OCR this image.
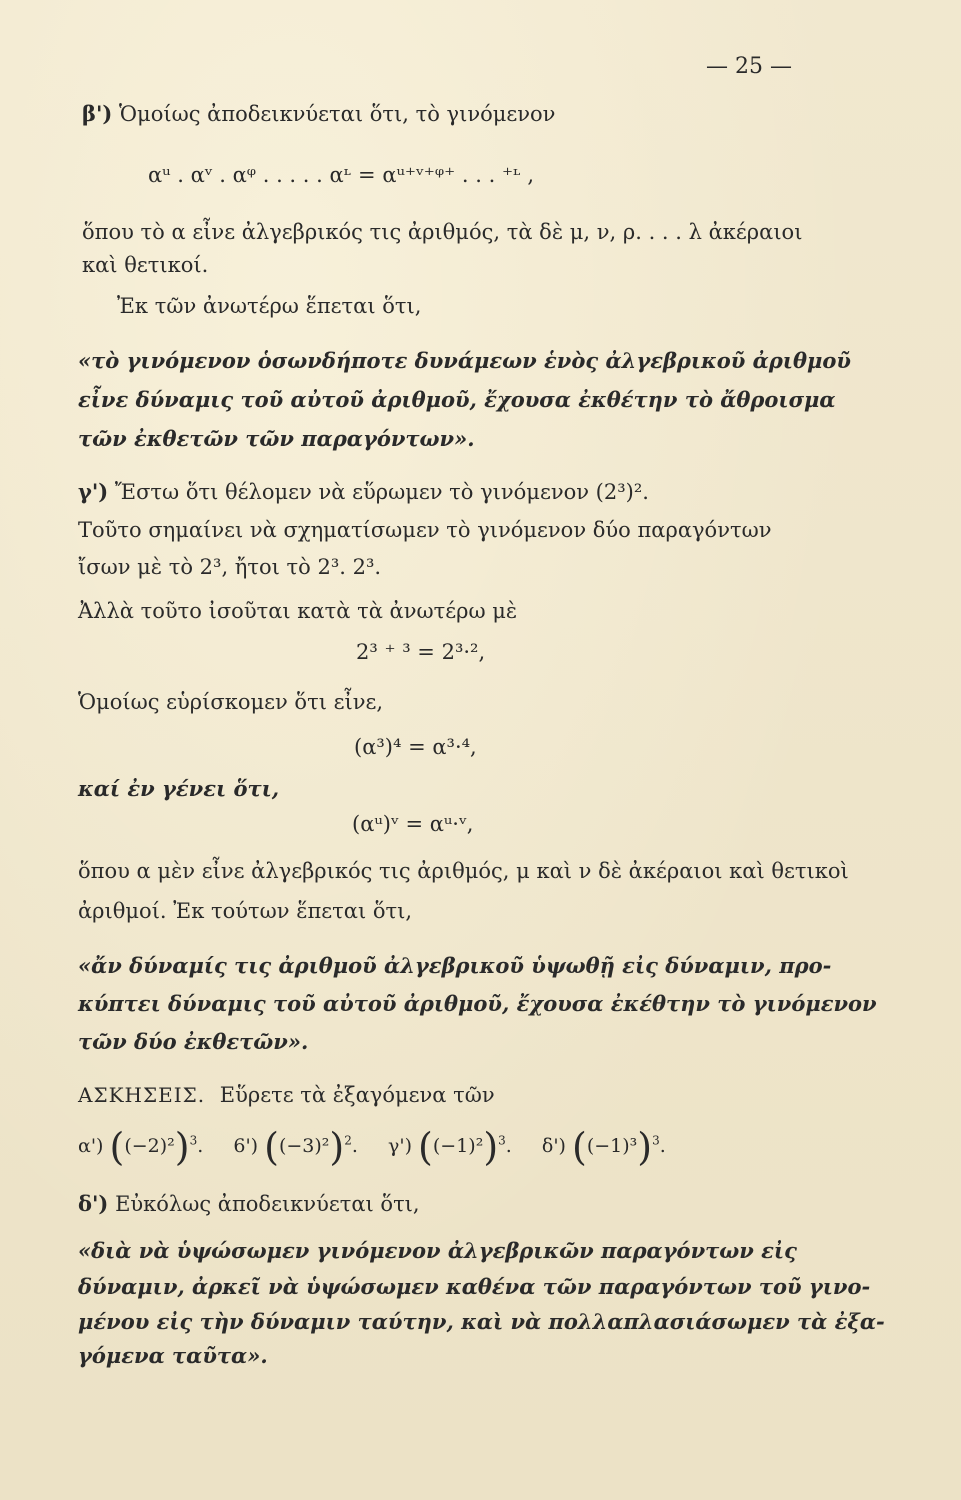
— 25 —
β') Ὁμοίως ἀποδεικνύεται ὅτι, τὸ γινόμενον
αᵘ . αᵛ . αᵠ . . . . . αᶫ = αᵘ⁺ᵛ⁺ᵠ⁺ . . . ⁺ᶫ ,
ὅπου τὸ α εἶνε ἀλγεβρικός τις ἀριθμός, τὰ δὲ μ, ν, ρ. . . . λ ἀκέραιοι
καὶ θετικοί.
Ἐκ τῶν ἀνωτέρω ἕπεται ὅτι,
«τὸ γινόμενον ὁσωνδήποτε δυνάμεων ἑνὸς ἀλγεβρικοῦ ἀριθμοῦ
εἶνε δύναμις τοῦ αὐτοῦ ἀριθμοῦ, ἔχουσα ἐκθέτην τὸ ἄθροισμα
τῶν ἐκθετῶν τῶν παραγόντων».
γ') Ἔστω ὅτι θέλομεν νὰ εὕρωμεν τὸ γινόμενον (2³)².
Τοῦτο σημαίνει νὰ σχηματίσωμεν τὸ γινόμενον δύο παραγόντων
ἴσων μὲ τὸ 2³, ἤτοι τὸ 2³. 2³.
Ἀλλὰ τοῦτο ἰσοῦται κατὰ τὰ ἀνωτέρω μὲ
2³ ⁺ ³ = 2³·²,
Ὁμοίως εὑρίσκομεν ὅτι εἶνε,
(α³)⁴ = α³·⁴,
καί ἐν γένει ὅτι,
(αᵘ)ᵛ = αᵘ·ᵛ,
ὅπου α μὲν εἶνε ἀλγεβρικός τις ἀριθμός, μ καὶ ν δὲ ἀκέραιοι καὶ θετικοὶ
ἀριθμοί. Ἐκ τούτων ἕπεται ὅτι,
«ἄν δύναμίς τις ἀριθμοῦ ἀλγεβρικοῦ ὑψωθῇ εἰς δύναμιν, προ-
κύπτει δύναμις τοῦ αὐτοῦ ἀριθμοῦ, ἔχουσα ἐκέθτην τὸ γινόμενον
τῶν δύο ἐκθετῶν».
ΑΣΚΗΣΕΙΣ. Εὕρετε τὰ ἐξαγόμενα τῶν
α') $((-2)^2)^3$. 6') $((-3)^2)^2$. γ') $((-1)^2)^3$. δ') $((-1)^3)^3$.
δ') Εὐκόλως ἀποδεικνύεται ὅτι,
«διὰ νὰ ὑψώσωμεν γινόμενον ἀλγεβρικῶν παραγόντων εἰς
δύναμιν, ἀρκεῖ νὰ ὑψώσωμεν καθένα τῶν παραγόντων τοῦ γινο-
μένου εἰς τὴν δύναμιν ταύτην, καὶ νὰ πολλαπλασιάσωμεν τὰ ἐξα-
γόμενα ταῦτα».
